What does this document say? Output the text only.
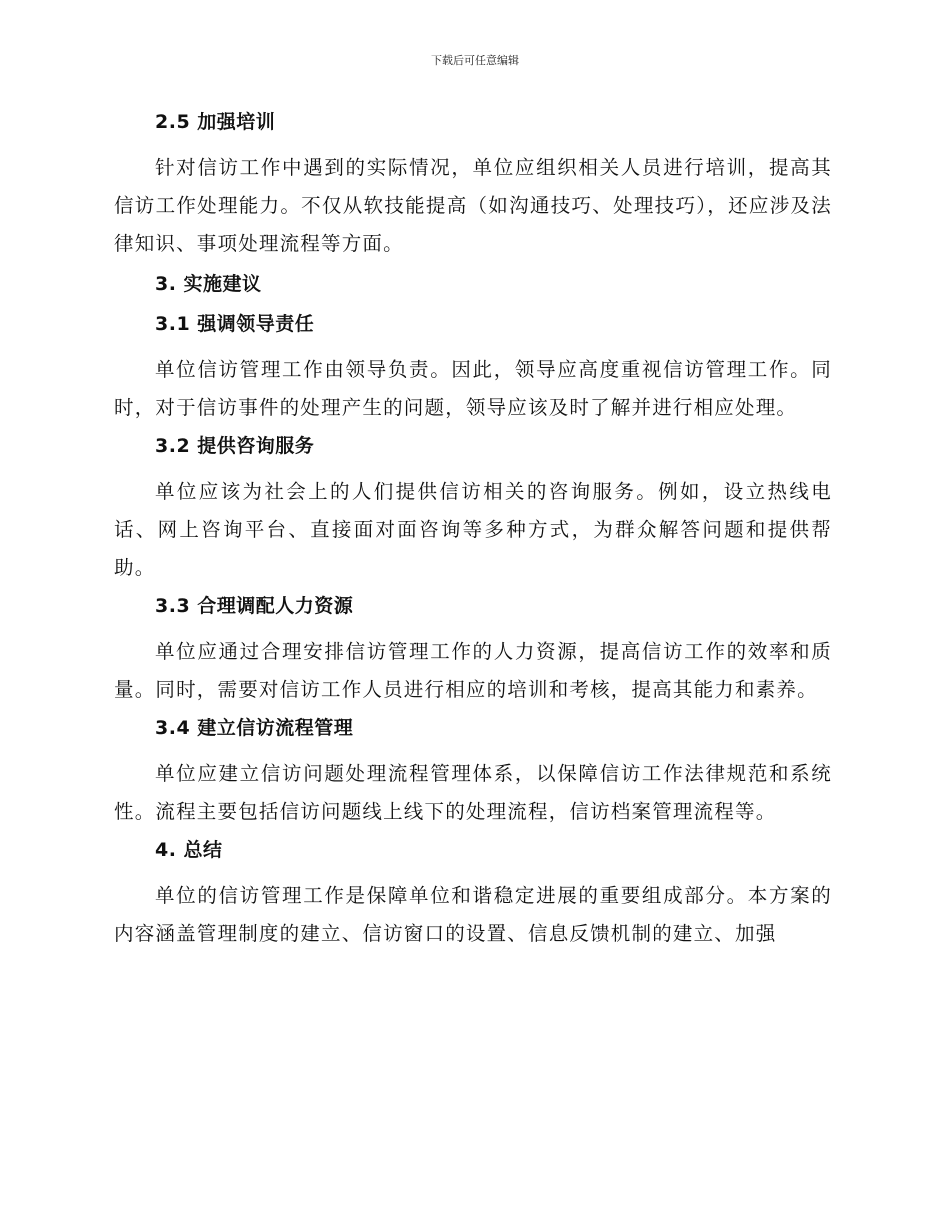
下载后可任意编辑
2.5 加强培训

针对信访工作中遇到的实际情况，单位应组织相关人员进行培训，提高其信访工作处理能力。不仅从软技能提高（如沟通技巧、处理技巧），还应涉及法律知识、事项处理流程等方面。

3. 实施建议
3.1 强调领导责任

单位信访管理工作由领导负责。因此，领导应高度重视信访管理工作。同时，对于信访事件的处理产生的问题，领导应该及时了解并进行相应处理。

3.2 提供咨询服务

单位应该为社会上的人们提供信访相关的咨询服务。例如，设立热线电话、网上咨询平台、直接面对面咨询等多种方式，为群众解答问题和提供帮助。

3.3 合理调配人力资源

单位应通过合理安排信访管理工作的人力资源，提高信访工作的效率和质量。同时，需要对信访工作人员进行相应的培训和考核，提高其能力和素养。

3.4 建立信访流程管理

单位应建立信访问题处理流程管理体系，以保障信访工作法律规范和系统性。流程主要包括信访问题线上线下的处理流程，信访档案管理流程等。

4. 总结

单位的信访管理工作是保障单位和谐稳定进展的重要组成部分。本方案的内容涵盖管理制度的建立、信访窗口的设置、信息反馈机制的建立、加强
